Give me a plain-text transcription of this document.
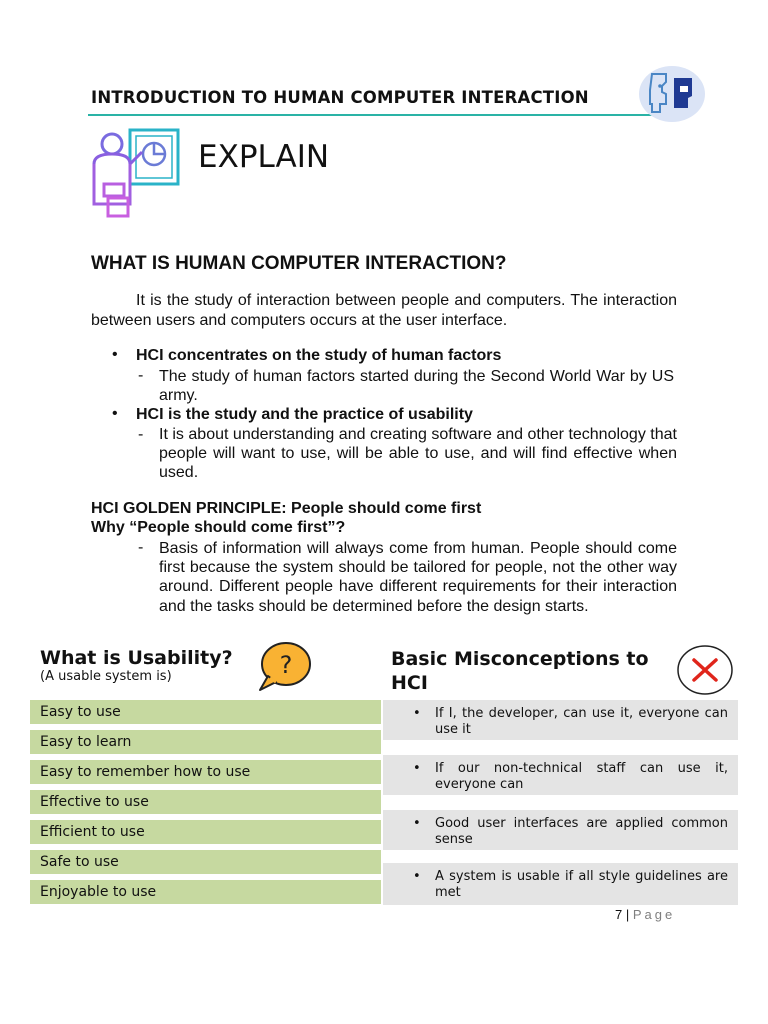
INTRODUCTION TO HUMAN COMPUTER INTERACTION
EXPLAIN
WHAT IS HUMAN COMPUTER INTERACTION?
It is the study of interaction between people and computers. The interaction between users and computers occurs at the user interface.
• HCI concentrates on the study of human factors
- The study of human factors started during the Second World War by US army.
• HCI is the study and the practice of usability
- It is about understanding and creating software and other technology that people will want to use, will be able to use, and will find effective when used.
HCI GOLDEN PRINCIPLE: People should come first
Why “People should come first”?
- Basis of information will always come from human. People should come first because the system should be tailored for people, not the other way around. Different people have different requirements for their interaction and the tasks should be determined before the design starts.
What is Usability?
(A usable system is)	?	Basic Misconceptions to
HCI
Easy to use
Easy to learn
Easy to remember how to use
Effective to use
Efficient to use
Safe to use
Enjoyable to use
• If I, the developer, can use it, everyone can use it
• If our non-technical staff can use it, everyone can
• Good user interfaces are applied common sense
• A system is usable if all style guidelines are met
7 | Page
